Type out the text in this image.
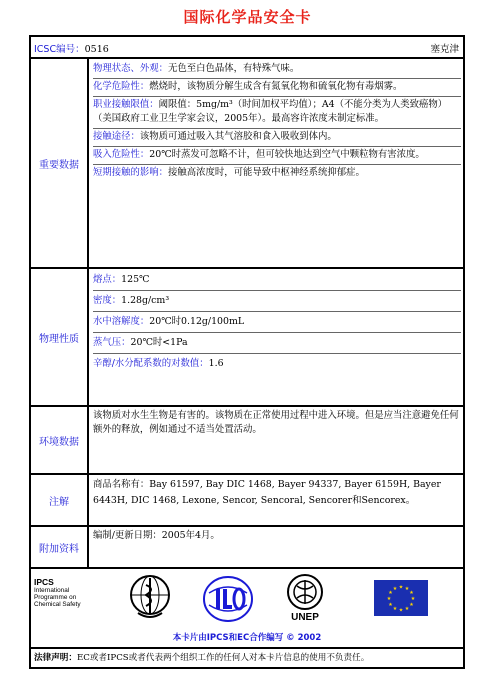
国际化学品安全卡
ICSC编号：0516	塞克津
重要数据

物理状态、外观：无色至白色晶体，有特殊气味。

化学危险性：燃烧时，该物质分解生成含有氮氧化物和硫氧化物有毒烟雾。

职业接触限值：阈限值：5mg/m³（时间加权平均值）；A4（不能分类为人类致癌物）（美国政府工业卫生学家会议，2005年）。最高容许浓度未制定标准。

接触途径：该物质可通过吸入其气溶胶和食入吸收到体内。

吸入危险性：20℃时蒸发可忽略不计，但可较快地达到空气中颗粒物有害浓度。

短期接触的影响：接触高浓度时，可能导致中枢神经系统抑郁症。

物理性质

熔点：125℃

密度：1.28g/cm³

水中溶解度：20℃时0.12g/100mL

蒸气压：20℃时<1Pa

辛醇/水分配系数的对数值：1.6

环境数据
该物质对水生生物是有害的。该物质在正常使用过程中进入环境。但是应当注意避免任何额外的释放，例如通过不适当处置活动。
注解
商品名称有：Bay 61597, Bay DIC 1468, Bayer 94337, Bayer 6159H, Bayer 6443H, DIC 1468, Lexone, Sencor, Sencoral, Sencorer和Sencorex。
附加资料
编制/更新日期：2005年4月。
IPCS
International
Programme on
Chemical Safety
UNEP
★ ★
★
★
★
★
★
★
★
★
★
★
本卡片由IPCS和EC合作编写 © 2002
法律声明：EC或者IPCS或者代表两个组织工作的任何人对本卡片信息的使用不负责任。
